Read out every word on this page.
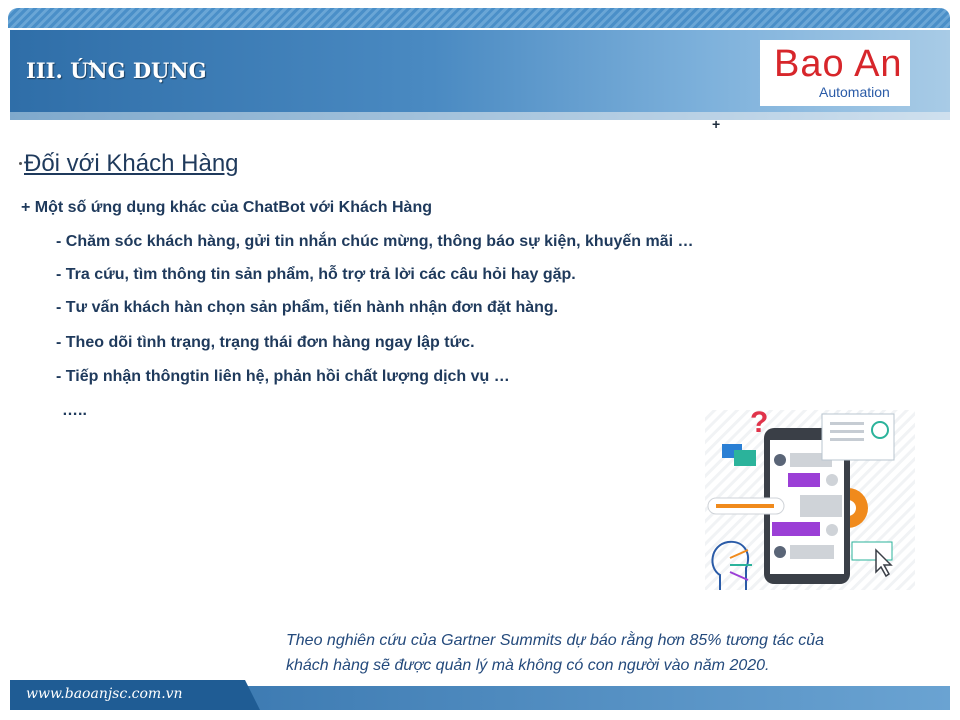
III. ỨNG DỤNG	Bao An
Automation
+
Đối với Khách Hàng
+ Một số ứng dụng khác của ChatBot với Khách Hàng
- Chăm sóc khách hàng, gửi tin nhắn chúc mừng, thông báo sự kiện, khuyến mãi …
- Tra cứu, tìm thông tin sản phẩm, hỗ trợ trả lời các câu hỏi hay gặp.
- Tư vấn khách hàn chọn sản phẩm, tiến hành nhận đơn đặt hàng.
- Theo dõi tình trạng, trạng thái đơn hàng ngay lập tức.
- Tiếp nhận thôngtin liên hệ, phản hồi chất lượng dịch vụ …
…..	?
Theo nghiên cứu của Gartner Summits dự báo rằng hơn 85% tương tác của
khách hàng sẽ được quản lý mà không có con người vào năm 2020.
www.baoanjsc.com.vn
